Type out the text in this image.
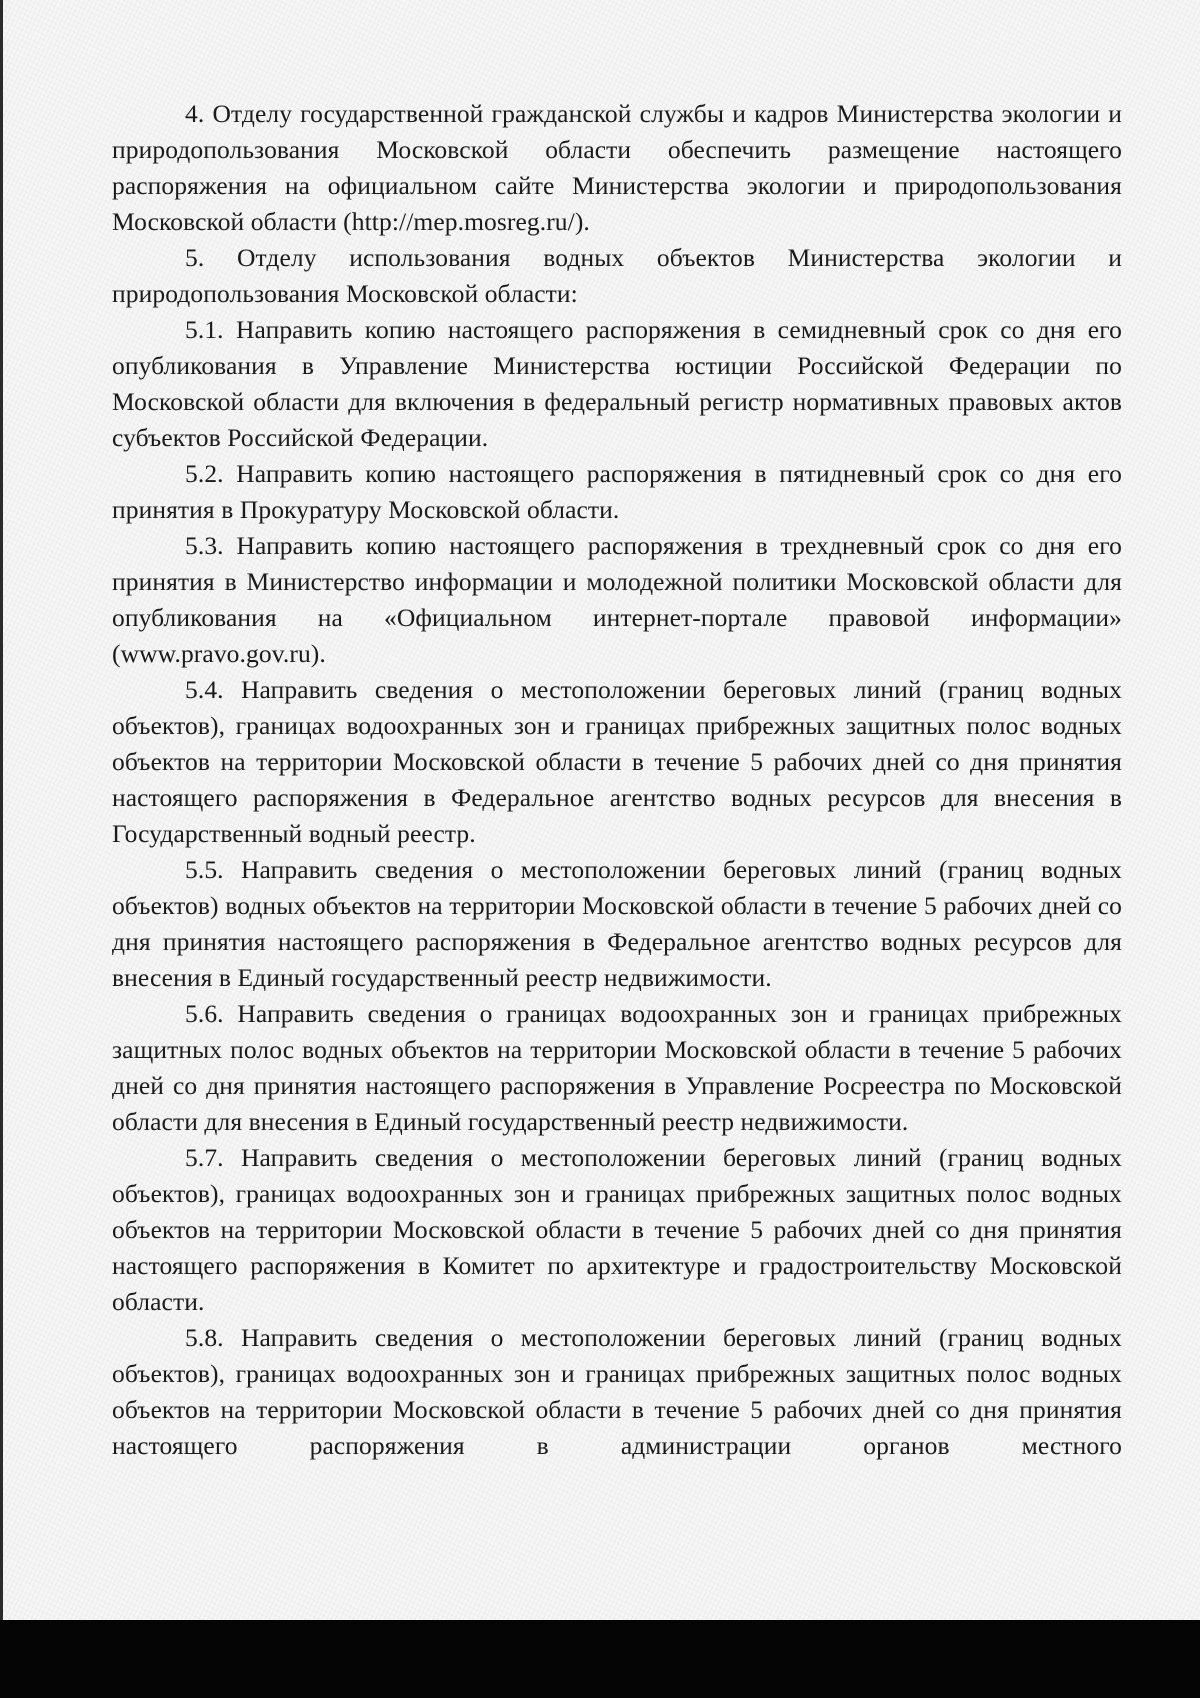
4. Отделу государственной гражданской службы и кадров Министерства экологии и природопользования Московской области обеспечить размещение настоящего распоряжения на официальном сайте Министерства экологии и природопользования Московской области (http://mep.mosreg.ru/).

5. Отделу использования водных объектов Министерства экологии и природопользования Московской области:

5.1. Направить копию настоящего распоряжения в семидневный срок со дня его опубликования в Управление Министерства юстиции Российской Федерации по Московской области для включения в федеральный регистр нормативных правовых актов субъектов Российской Федерации.

5.2. Направить копию настоящего распоряжения в пятидневный срок со дня его принятия в Прокуратуру Московской области.

5.3. Направить копию настоящего распоряжения в трехдневный срок со дня его принятия в Министерство информации и молодежной политики Московской области для опубликования на «Официальном интернет-портале правовой информации» (www.pravo.gov.ru).

5.4. Направить сведения о местоположении береговых линий (границ водных объектов), границах водоохранных зон и границах прибрежных защитных полос водных объектов на территории Московской области в течение 5 рабочих дней со дня принятия настоящего распоряжения в Федеральное агентство водных ресурсов для внесения в Государственный водный реестр.

5.5. Направить сведения о местоположении береговых линий (границ водных объектов) водных объектов на территории Московской области в течение 5 рабочих дней со дня принятия настоящего распоряжения в Федеральное агентство водных ресурсов для внесения в Единый государственный реестр недвижимости.

5.6. Направить сведения о границах водоохранных зон и границах прибрежных защитных полос водных объектов на территории Московской области в течение 5 рабочих дней со дня принятия настоящего распоряжения в Управление Росреестра по Московской области для внесения в Единый государственный реестр недвижимости.

5.7. Направить сведения о местоположении береговых линий (границ водных объектов), границах водоохранных зон и границах прибрежных защитных полос водных объектов на территории Московской области в течение 5 рабочих дней со дня принятия настоящего распоряжения в Комитет по архитектуре и градостроительству Московской области.

5.8. Направить сведения о местоположении береговых линий (границ водных объектов), границах водоохранных зон и границах прибрежных защитных полос водных объектов на территории Московской области в течение 5 рабочих дней со дня принятия настоящего распоряжения в администрации органов местного
